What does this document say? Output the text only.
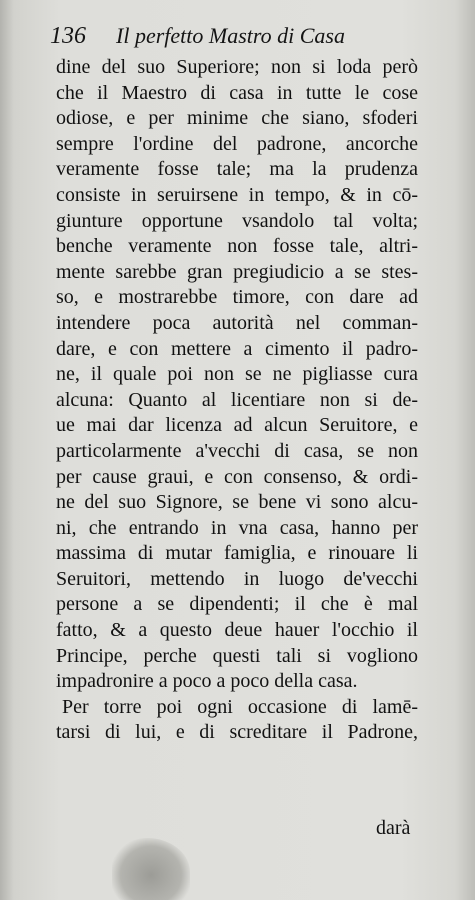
136 Il perfetto Mastro di Casa
dine del suo Superiore; non si loda però
che il Maestro di casa in tutte le cose
odiose, e per minime che siano, sfoderi
sempre l'ordine del padrone, ancorche
veramente fosse tale; ma la prudenza
consiste in seruirsene in tempo, & in cō-
giunture opportune vsandolo tal volta;
benche veramente non fosse tale, altri-
mente sarebbe gran pregiudicio a se stes-
so, e mostrarebbe timore, con dare ad
intendere poca autorità nel comman-
dare, e con mettere a cimento il padro-
ne, il quale poi non se ne pigliasse cura
alcuna: Quanto al licentiare non si de-
ue mai dar licenza ad alcun Seruitore, e
particolarmente a'vecchi di casa, se non
per cause graui, e con consenso, & ordi-
ne del suo Signore, se bene vi sono alcu-
ni, che entrando in vna casa, hanno per
massima di mutar famiglia, e rinouare li
Seruitori, mettendo in luogo de'vecchi
persone a se dipendenti; il che è mal
fatto, & a questo deue hauer l'occhio il
Principe, perche questi tali si vogliono
impadronire a poco a poco della casa.
Per torre poi ogni occasione di lamē-
tarsi di lui, e di screditare il Padrone,
darà
